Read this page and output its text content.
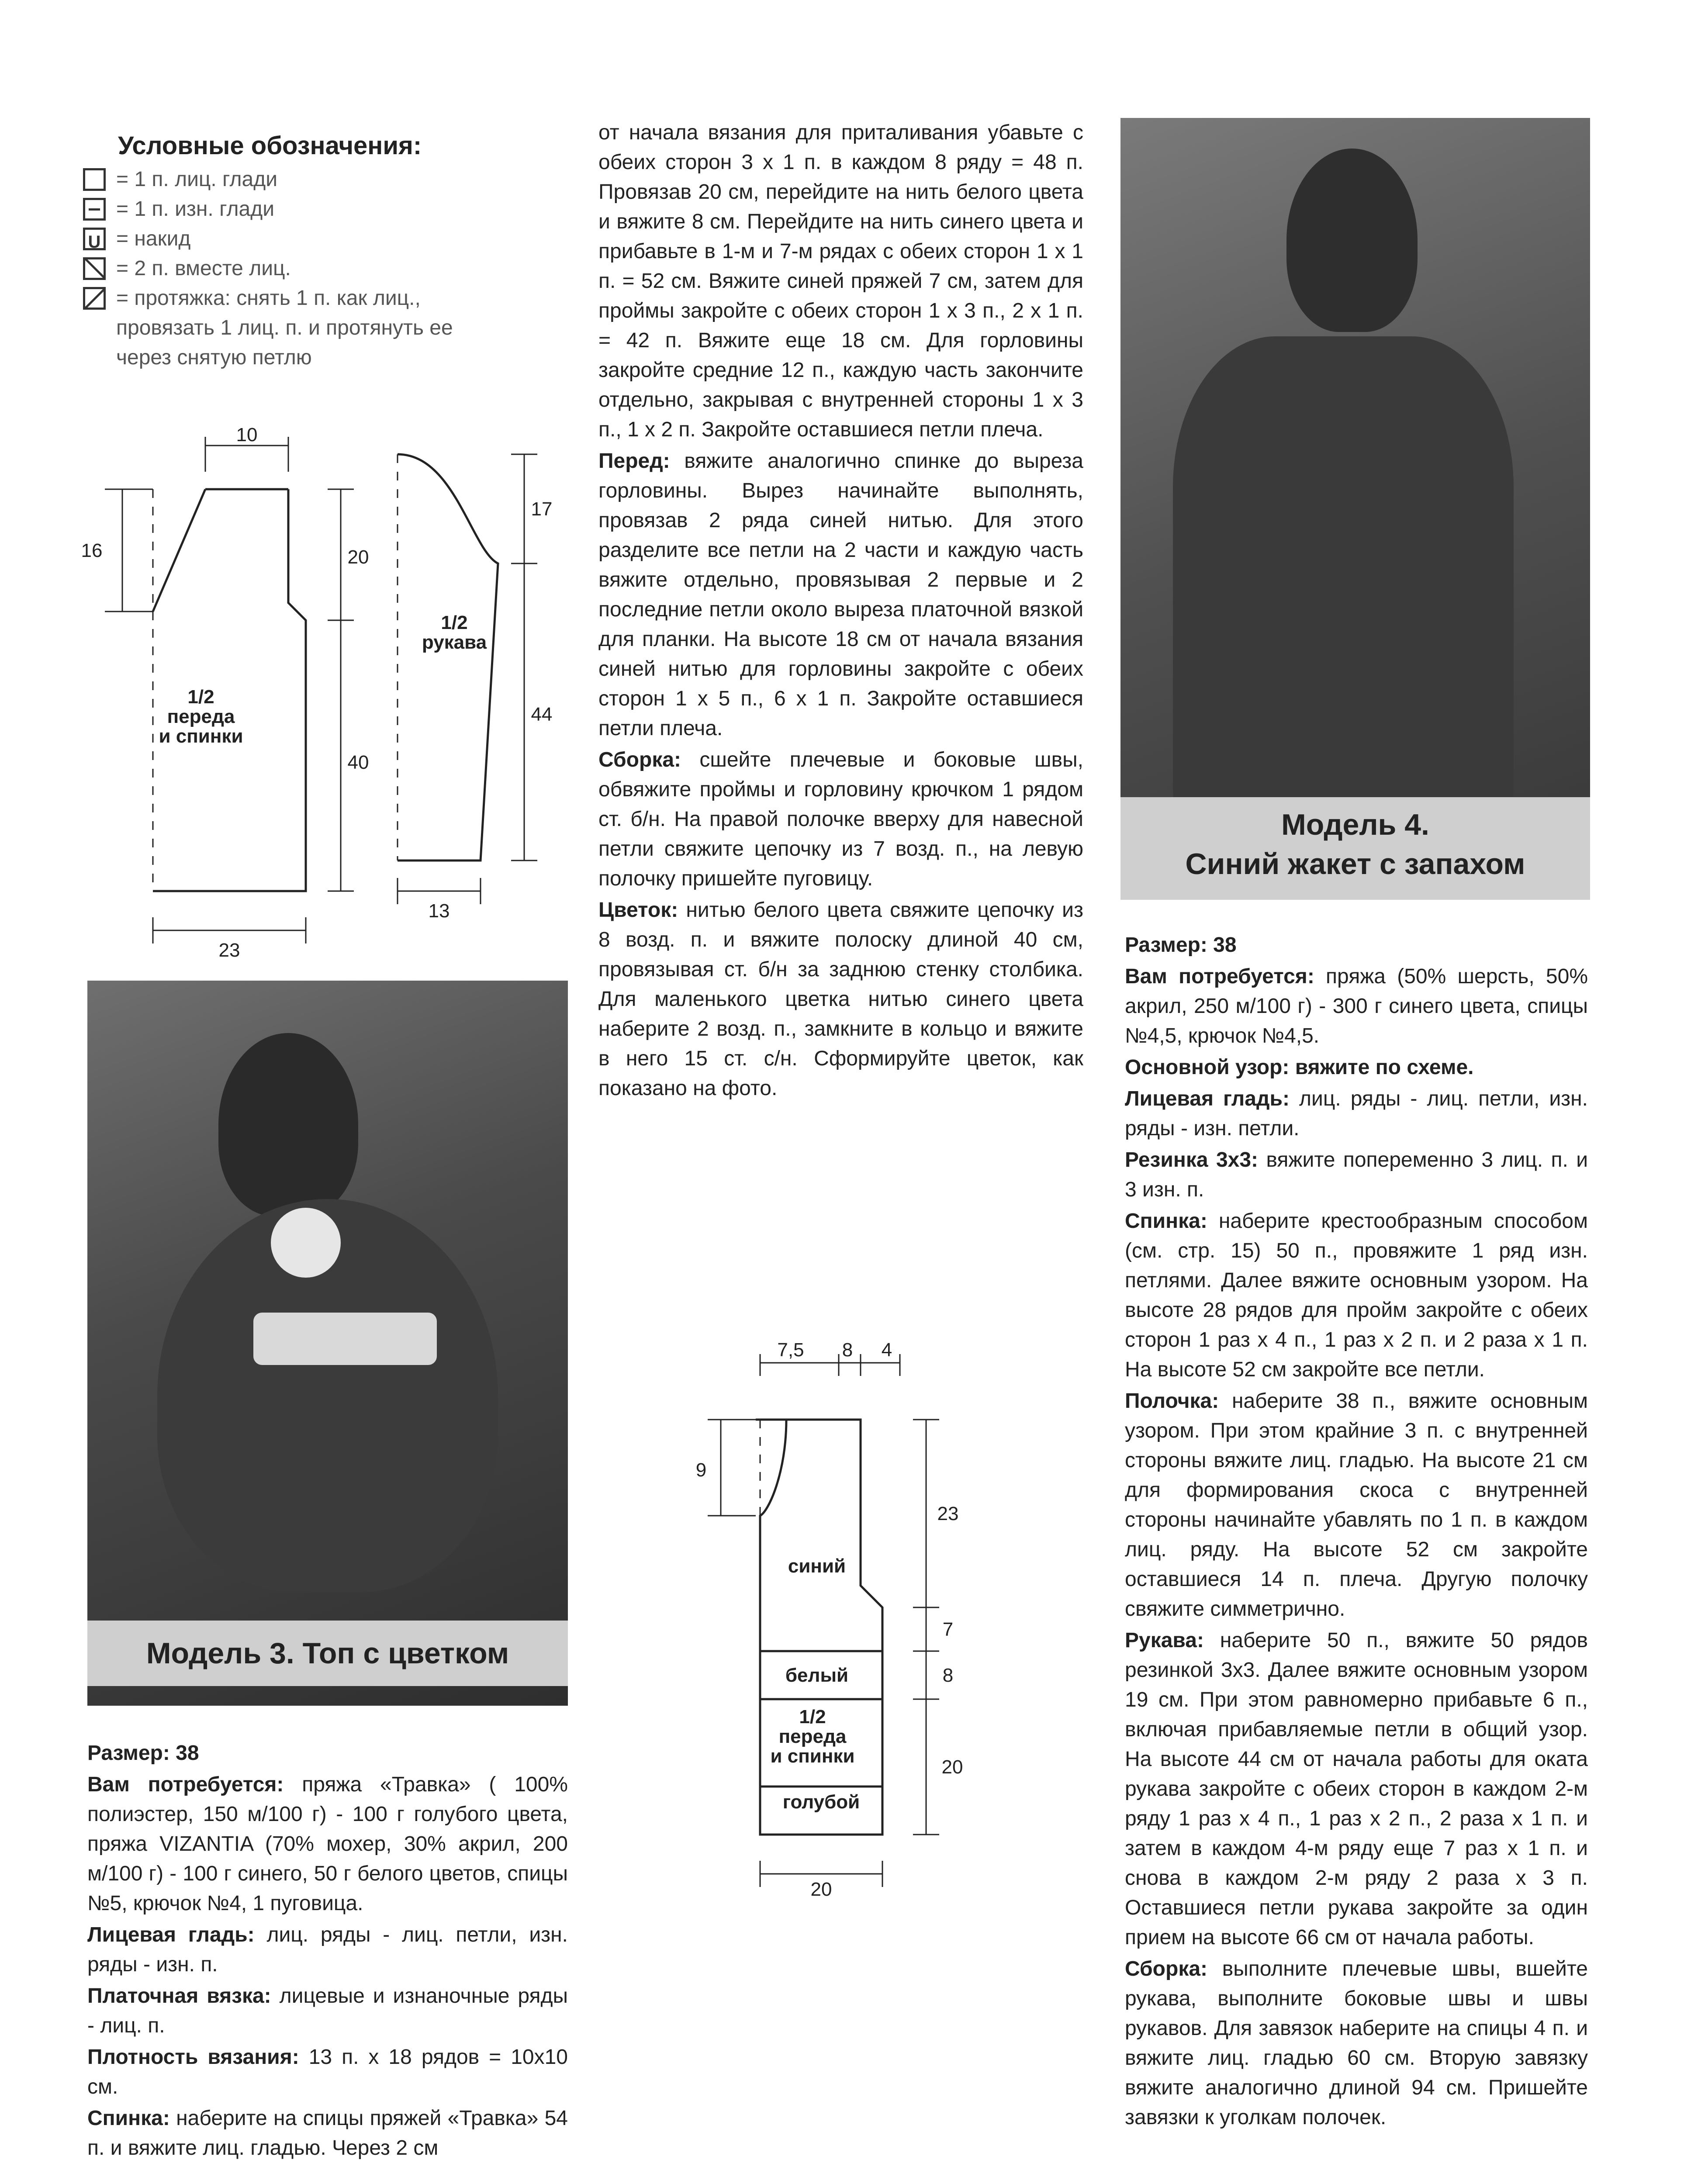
Условные обозначения:
= 1 п. лиц. глади
= 1 п. изн. глади
U
= накид
= 2 п. вместе лиц.
= протяжка: снять 1 п. как лиц.,
провязать 1 лиц. п. и протянуть ее
через снятую петлю
10
16	20
40
23
1/2
переда
и спинки
17
44
13
1/2
рукава
Модель 3. Топ с цветком

Размер: 38

Вам потребуется: пряжа «Травка» ( 100% полиэстер, 150 м/100 г) - 100 г голубого цвета, пряжа VIZANTIA (70% мохер, 30% акрил, 200 м/100 г) - 100 г синего, 50 г белого цветов, спицы №5, крючок №4, 1 пуговица.

Лицевая гладь: лиц. ряды - лиц. петли, изн. ряды - изн. п.

Платочная вязка: лицевые и изнаночные ряды - лиц. п.

Плотность вязания: 13 п. х 18 рядов = 10х10 см.

Спинка: наберите на спицы пряжей «Травка» 54 п. и вяжите лиц. гладью. Через 2 см

от начала вязания для приталивания убавьте с обеих сторон 3 х 1 п. в каждом 8 ряду = 48 п. Провязав 20 см, перейдите на нить белого цвета и вяжите 8 см. Перейдите на нить синего цвета и прибавьте в 1-м и 7-м рядах с обеих сторон 1 х 1 п. = 52 см. Вяжите синей пряжей 7 см, затем для проймы закройте с обеих сторон 1 х 3 п., 2 х 1 п. = 42 п. Вяжите еще 18 см. Для горловины закройте средние 12 п., каждую часть закончите отдельно, закрывая с внутренней стороны 1 х 3 п., 1 х 2 п. Закройте оставшиеся петли плеча.

Перед: вяжите аналогично спинке до выреза горловины. Вырез начинайте выполнять, провязав 2 ряда синей нитью. Для этого разделите все петли на 2 части и каждую часть вяжите отдельно, провязывая 2 первые и 2 последние петли около выреза платочной вязкой для планки. На высоте 18 см от начала вязания синей нитью для горловины закройте с обеих сторон 1 х 5 п., 6 х 1 п. Закройте оставшиеся петли плеча.

Сборка: сшейте плечевые и боковые швы, обвяжите проймы и горловину крючком 1 рядом ст. б/н. На правой полочке вверху для навесной петли свяжите цепочку из 7 возд. п., на левую полочку пришейте пуговицу.

Цветок: нитью белого цвета свяжите цепочку из 8 возд. п. и вяжите полоску длиной 40 см, провязывая ст. б/н за заднюю стенку столбика. Для маленького цветка нитью синего цвета наберите 2 возд. п., замкните в кольцо и вяжите в него 15 ст. с/н. Сформируйте цветок, как показано на фото.

7,5 8 4
9
23
7
8
20
20
синий
белый
1/2
переда
и спинки
голубой
Модель 4.
Синий жакет с запахом

Размер: 38

Вам потребуется: пряжа (50% шерсть, 50% акрил, 250 м/100 г) - 300 г синего цвета, спицы №4,5, крючок №4,5.

Основной узор: вяжите по схеме.

Лицевая гладь: лиц. ряды - лиц. петли, изн. ряды - изн. петли.

Резинка 3х3: вяжите попеременно 3 лиц. п. и 3 изн. п.

Спинка: наберите крестообразным способом (см. стр. 15) 50 п., провяжите 1 ряд изн. петлями. Далее вяжите основным узором. На высоте 28 рядов для пройм закройте с обеих сторон 1 раз х 4 п., 1 раз х 2 п. и 2 раза х 1 п. На высоте 52 см закройте все петли.

Полочка: наберите 38 п., вяжите основным узором. При этом крайние 3 п. с внутренней стороны вяжите лиц. гладью. На высоте 21 см для формирования скоса с внутренней стороны начинайте убавлять по 1 п. в каждом лиц. ряду. На высоте 52 см закройте оставшиеся 14 п. плеча. Другую полочку свяжите симметрично.

Рукава: наберите 50 п., вяжите 50 рядов резинкой 3х3. Далее вяжите основным узором 19 см. При этом равномерно прибавьте 6 п., включая прибавляемые петли в общий узор. На высоте 44 см от начала работы для оката рукава закройте с обеих сторон в каждом 2-м ряду 1 раз х 4 п., 1 раз х 2 п., 2 раза х 1 п. и затем в каждом 4-м ряду еще 7 раз х 1 п. и снова в каждом 2-м ряду 2 раза х 3 п. Оставшиеся петли рукава закройте за один прием на высоте 66 см от начала работы.

Сборка: выполните плечевые швы, вшейте рукава, выполните боковые швы и швы рукавов. Для завязок наберите на спицы 4 п. и вяжите лиц. гладью 60 см. Вторую завязку вяжите аналогично длиной 94 см. Пришейте завязки к уголкам полочек.
